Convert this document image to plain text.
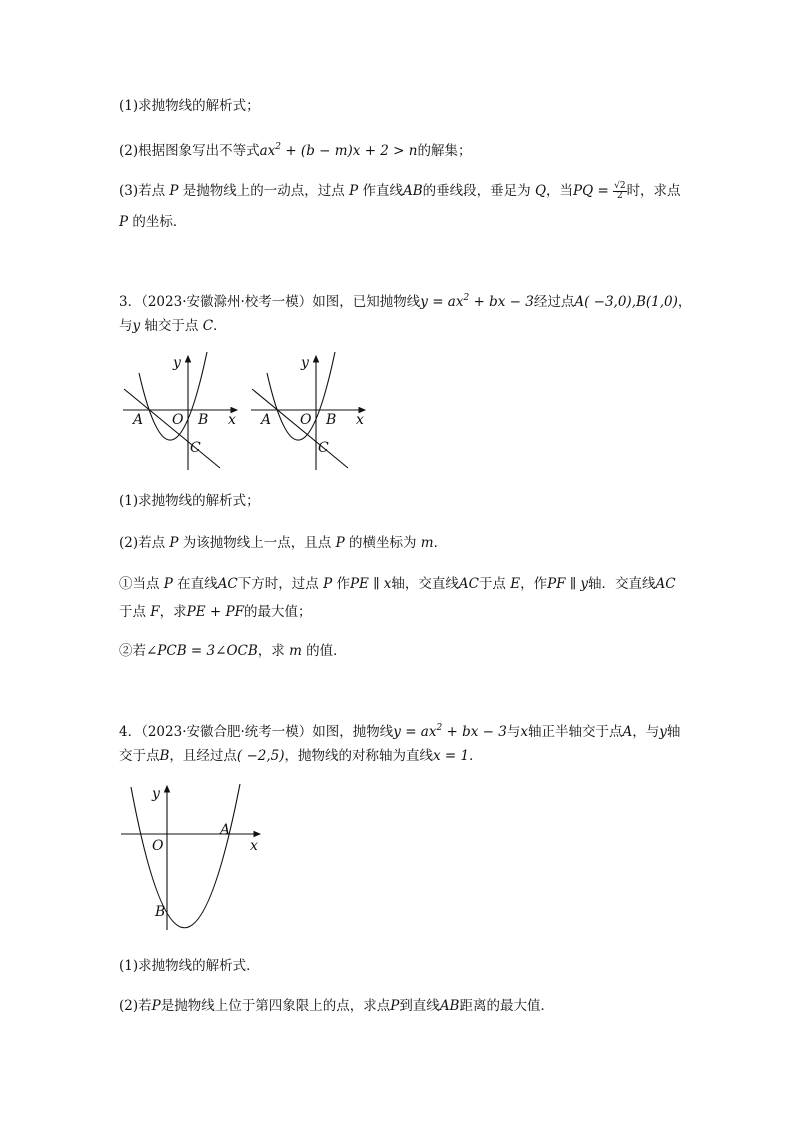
(1)求抛物线的解析式；
(2)根据图象写出不等式$ax^2 + (b - m)x + 2 > n$的解集；
(3)若点 P 是抛物线上的一动点，过点 P 作直线AB的垂线段，垂足为 Q，当PQ = $\frac{√2}{2}$ 时，求点
P 的坐标．
3．（2023·安徽滁州·校考一模）如图，已知抛物线$y = ax^2$ + bx − 3经过点A( −3,0),B(1,0)，
与y 轴交于点 C．
y
x
A O B
C
y
x
A O B
C
(1)求抛物线的解析式；
(2)若点 P 为该抛物线上一点，且点 P 的横坐标为 m．
①当点 P 在直线AC下方时，过点 P 作PE ∥ x轴，交直线AC于点 E，作PF ∥ y轴．交直线AC
于点 F，求PE + PF的最大值；
②若∠PCB = 3∠OCB，求 m 的值．
4．（2023·安徽合肥·统考一模）如图，抛物线$y = ax^2$ + bx − 3与x轴正半轴交于点A，与y轴
交于点B，且经过点( −2,5)，抛物线的对称轴为直线x = 1．
y
x
A
O
B
(1)求抛物线的解析式．
(2)若P是抛物线上位于第四象限上的点，求点P到直线AB距离的最大值．
